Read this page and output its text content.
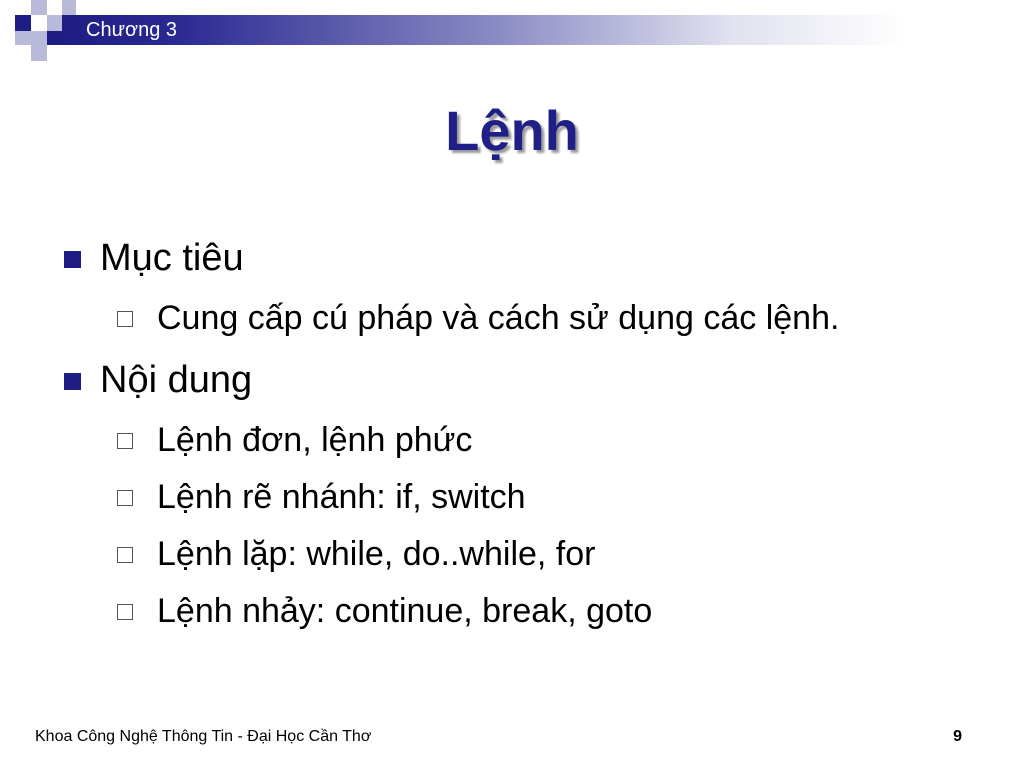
Chương 3
Lệnh
Mục tiêu
Cung cấp cú pháp và cách sử dụng các lệnh.
Nội dung
Lệnh đơn, lệnh phức
Lệnh rẽ nhánh: if, switch
Lệnh lặp: while, do..while, for
Lệnh nhảy: continue, break, goto
Khoa Công Nghệ Thông Tin - Đại Học Cần Thơ	9
